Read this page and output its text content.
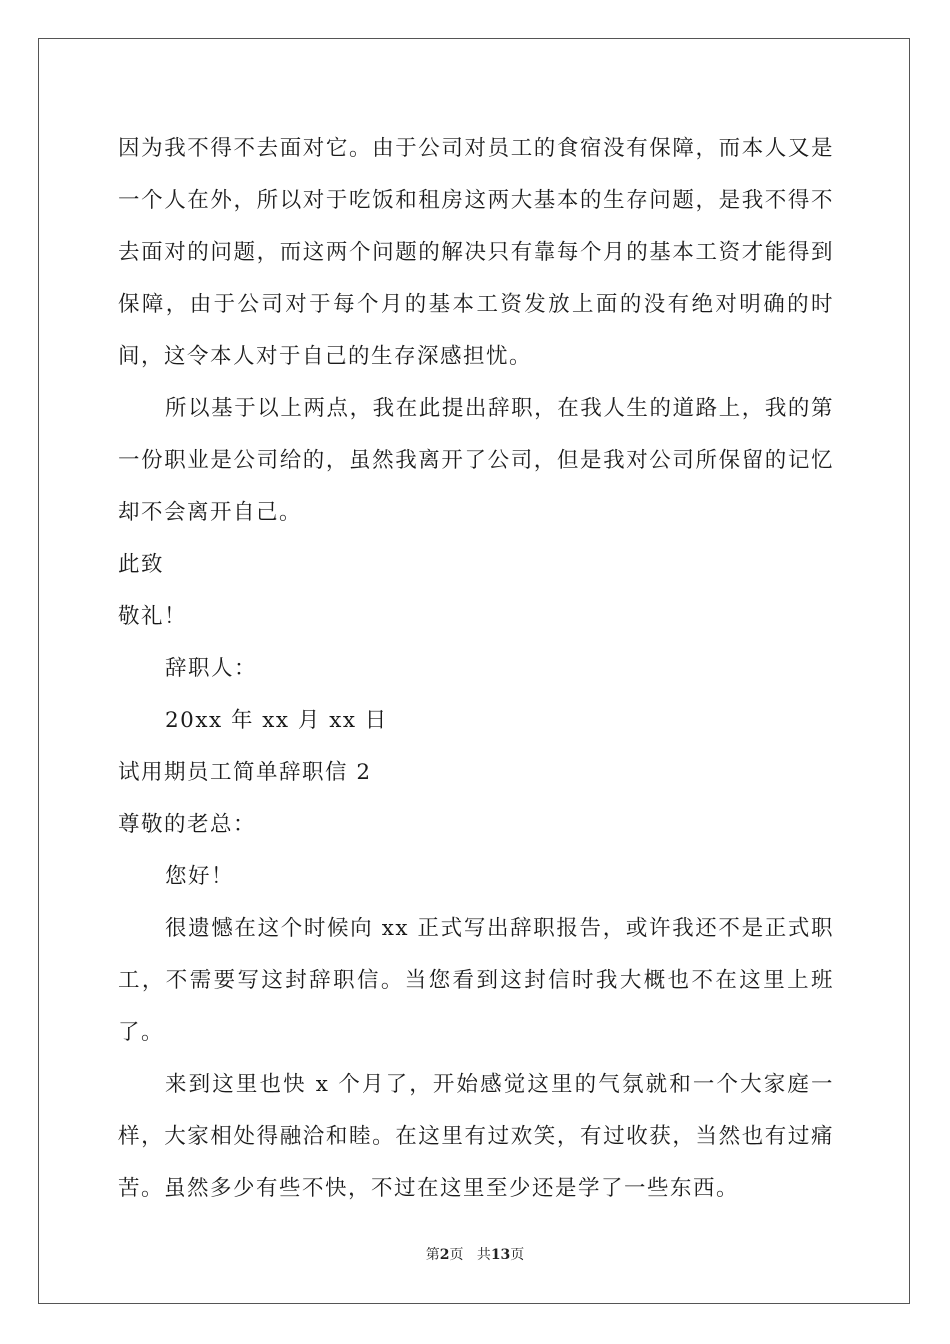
因为我不得不去面对它。由于公司对员工的食宿没有保障，而本人又是一个人在外，所以对于吃饭和租房这两大基本的生存问题，是我不得不去面对的问题，而这两个问题的解决只有靠每个月的基本工资才能得到保障，由于公司对于每个月的基本工资发放上面的没有绝对明确的时间，这令本人对于自己的生存深感担忧。

所以基于以上两点，我在此提出辞职，在我人生的道路上，我的第一份职业是公司给的，虽然我离开了公司，但是我对公司所保留的记忆却不会离开自己。

此致

敬礼！

辞职人：

20xx 年 xx 月 xx 日

试用期员工简单辞职信 2

尊敬的老总：

您好！

很遗憾在这个时候向 xx 正式写出辞职报告，或许我还不是正式职工，不需要写这封辞职信。当您看到这封信时我大概也不在这里上班了。

来到这里也快 x 个月了，开始感觉这里的气氛就和一个大家庭一样，大家相处得融洽和睦。在这里有过欢笑，有过收获，当然也有过痛苦。虽然多少有些不快，不过在这里至少还是学了一些东西。

第2页 共13页
